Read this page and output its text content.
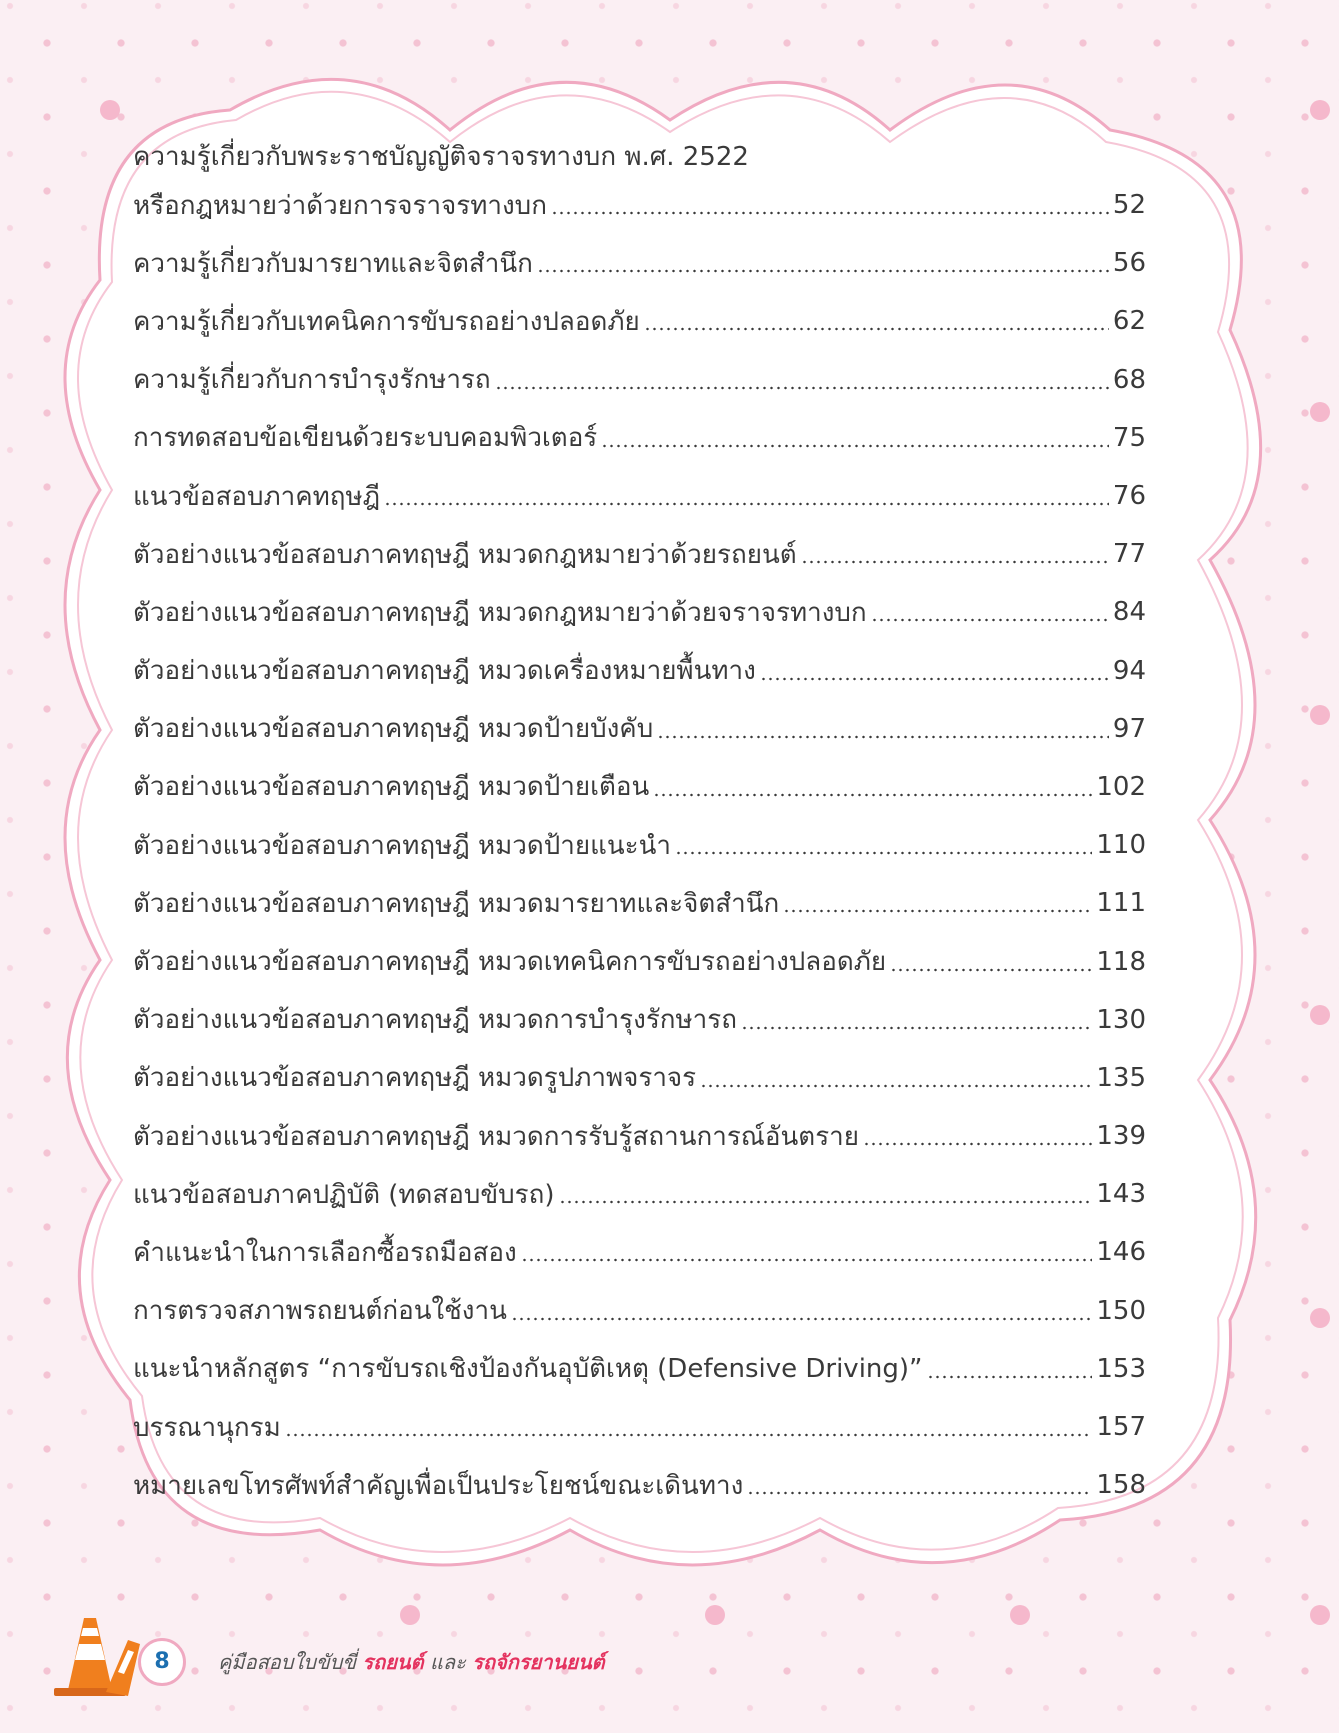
ความรู้เกี่ยวกับพระราชบัญญัติจราจรทางบก พ.ศ. 2522
หรือกฎหมายว่าด้วยการจราจรทางบก	52
ความรู้เกี่ยวกับมารยาทและจิตสำนึก	56
ความรู้เกี่ยวกับเทคนิคการขับรถอย่างปลอดภัย	62
ความรู้เกี่ยวกับการบำรุงรักษารถ	68
การทดสอบข้อเขียนด้วยระบบคอมพิวเตอร์	75
แนวข้อสอบภาคทฤษฎี	76
ตัวอย่างแนวข้อสอบภาคทฤษฎี หมวดกฎหมายว่าด้วยรถยนต์	77
ตัวอย่างแนวข้อสอบภาคทฤษฎี หมวดกฎหมายว่าด้วยจราจรทางบก	84
ตัวอย่างแนวข้อสอบภาคทฤษฎี หมวดเครื่องหมายพื้นทาง	94
ตัวอย่างแนวข้อสอบภาคทฤษฎี หมวดป้ายบังคับ	97
ตัวอย่างแนวข้อสอบภาคทฤษฎี หมวดป้ายเตือน	102
ตัวอย่างแนวข้อสอบภาคทฤษฎี หมวดป้ายแนะนำ	110
ตัวอย่างแนวข้อสอบภาคทฤษฎี หมวดมารยาทและจิตสำนึก	111
ตัวอย่างแนวข้อสอบภาคทฤษฎี หมวดเทคนิคการขับรถอย่างปลอดภัย	118
ตัวอย่างแนวข้อสอบภาคทฤษฎี หมวดการบำรุงรักษารถ	130
ตัวอย่างแนวข้อสอบภาคทฤษฎี หมวดรูปภาพจราจร	135
ตัวอย่างแนวข้อสอบภาคทฤษฎี หมวดการรับรู้สถานการณ์อันตราย	139
แนวข้อสอบภาคปฏิบัติ (ทดสอบขับรถ)	143
คำแนะนำในการเลือกซื้อรถมือสอง	146
การตรวจสภาพรถยนต์ก่อนใช้งาน	150
แนะนำหลักสูตร “การขับรถเชิงป้องกันอุบัติเหตุ (Defensive Driving)”	153
บรรณานุกรม	157
หมายเลขโทรศัพท์สำคัญเพื่อเป็นประโยชน์ขณะเดินทาง	158
8	คู่มือสอบใบขับขี่ รถยนต์ และ รถจักรยานยนต์
